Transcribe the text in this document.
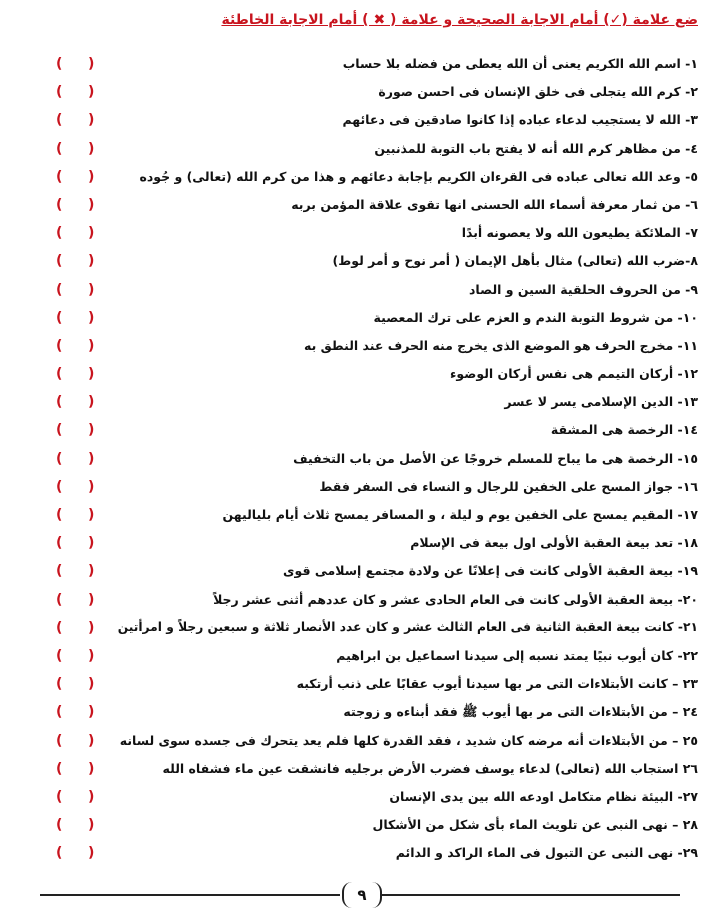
ضع علامة (✓) أمام الاجابة الصحيحة و علامة ( ✖ ) أمام الاجابة الخاطئة
( )	١- اسم الله الكريم يعنى أن الله يعطى من فضله بلا حساب
( )	٢- كرم الله يتجلى فى خلق الإنسان فى احسن صورة
( )	٣- الله لا يستجيب لدعاء عباده إذا كانوا صادقين فى دعائهم
( )	٤- من مظاهر كرم الله أنه لا يفتح باب التوبة للمذنبين
( )	٥- وعد الله تعالى عباده فى القرءان الكريم بإجابة دعائهم و هذا من كرم الله (تعالى) و جُوده
( )	٦- من ثمار معرفة أسماء الله الحسنى انها تقوى علاقة المؤمن بربه
( )	٧- الملائكة يطيعون الله ولا يعصونه أبدًا
( )	٨-ضرب الله (تعالى) مثال بأهل الإيمان ( أمر نوح و أمر لوط)
( )	٩- من الحروف الحلقية السين و الصاد
( )	١٠- من شروط التوبة الندم و العزم على ترك المعصية
( )	١١- مخرج الحرف هو الموضع الذى يخرج منه الحرف عند النطق به
( )	١٢- أركان التيمم هى نفس أركان الوضوء
( )	١٣- الدين الإسلامى يسر لا عسر
( )	١٤- الرخصة هى المشقة
( )	١٥- الرخصة هى ما يباح للمسلم خروجًا عن الأصل من باب التخفيف
( )	١٦- جواز المسح على الخفين للرجال و النساء فى السفر فقط
( )	١٧- المقيم يمسح على الخفين يوم و ليلة ، و المسافر يمسح ثلاث أيام بلياليهن
( )	١٨- تعد بيعة العقبة الأولى اول بيعة فى الإسلام
( )	١٩- بيعة العقبة الأولى كانت فى إعلانًا عن ولادة مجتمع إسلامى قوى
( )	٢٠- بيعة العقبة الأولى كانت فى العام الحادى عشر و كان عددهم أثنى عشر رجلاً
( ) ٢١- كانت بيعة العقبة الثانية فى العام الثالث عشر و كان عدد الأنصار ثلاثة و سبعين رجلاً و امرأتين
( )	٢٢- كان أيوب نبيًا يمتد نسبه إلى سيدنا اسماعيل بن ابراهيم
( )	٢٣ – كانت الأبتلاءات التى مر بها سيدنا أيوب عقابًا على ذنب أرتكبه
( )	٢٤ – من الأبتلاءات التى مر بها أيوب ﷺ فقد أبناءه و زوجته
( ) ٢٥ – من الأبتلاءات أنه مرضه كان شديد ، فقد القدرة كلها فلم يعد يتحرك فى جسده سوى لسانه
( )	٢٦ استجاب الله (تعالى) لدعاء يوسف فضرب الأرض برجليه فانشقت عين ماء فشفاه الله
( )	٢٧- البيئة نظام متكامل اودعه الله بين يدى الإنسان
( )	٢٨ – نهى النبى عن تلويث الماء بأى شكل من الأشكال
( )	٢٩- نهى النبى عن التبول فى الماء الراكد و الدائم
٩
